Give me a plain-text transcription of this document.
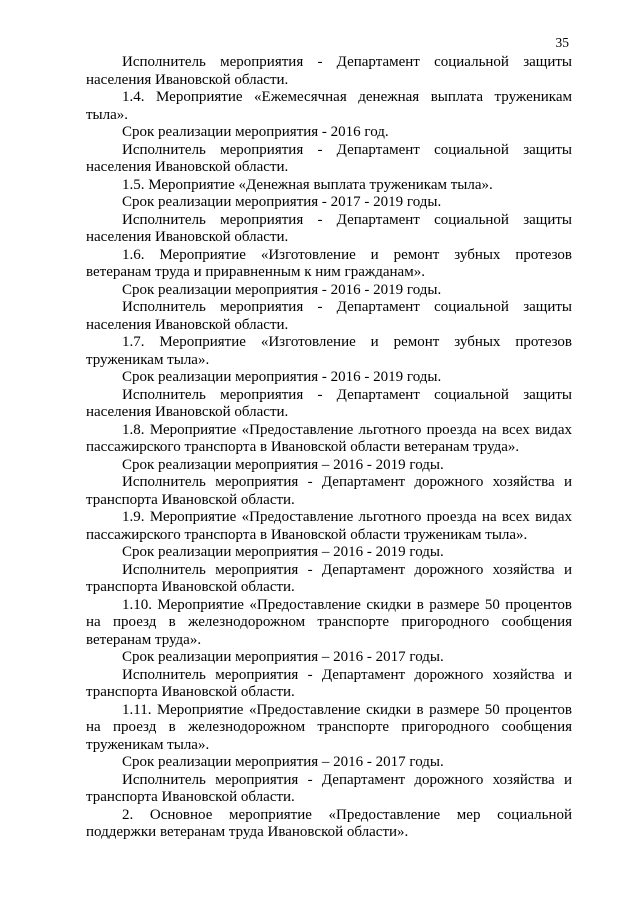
35

Исполнитель мероприятия - Департамент социальной защиты населения Ивановской области.

1.4. Мероприятие «Ежемесячная денежная выплата труженикам тыла».

Срок реализации мероприятия - 2016 год.

Исполнитель мероприятия - Департамент социальной защиты населения Ивановской области.

1.5. Мероприятие «Денежная выплата труженикам тыла».

Срок реализации мероприятия - 2017 - 2019 годы.

Исполнитель мероприятия - Департамент социальной защиты населения Ивановской области.

1.6. Мероприятие «Изготовление и ремонт зубных протезов ветеранам труда и приравненным к ним гражданам».

Срок реализации мероприятия - 2016 - 2019 годы.

Исполнитель мероприятия - Департамент социальной защиты населения Ивановской области.

1.7. Мероприятие «Изготовление и ремонт зубных протезов труженикам тыла».

Срок реализации мероприятия - 2016 - 2019 годы.

Исполнитель мероприятия - Департамент социальной защиты населения Ивановской области.

1.8. Мероприятие «Предоставление льготного проезда на всех видах пассажирского транспорта в Ивановской области ветеранам труда».

Срок реализации мероприятия – 2016 - 2019 годы.

Исполнитель мероприятия - Департамент дорожного хозяйства и транспорта Ивановской области.

1.9. Мероприятие «Предоставление льготного проезда на всех видах пассажирского транспорта в Ивановской области труженикам тыла».

Срок реализации мероприятия – 2016 - 2019 годы.

Исполнитель мероприятия - Департамент дорожного хозяйства и транспорта Ивановской области.

1.10. Мероприятие «Предоставление скидки в размере 50 процентов на проезд в железнодорожном транспорте пригородного сообщения ветеранам труда».

Срок реализации мероприятия – 2016 - 2017 годы.

Исполнитель мероприятия - Департамент дорожного хозяйства и транспорта Ивановской области.

1.11. Мероприятие «Предоставление скидки в размере 50 процентов на проезд в железнодорожном транспорте пригородного сообщения труженикам тыла».

Срок реализации мероприятия – 2016 - 2017 годы.

Исполнитель мероприятия - Департамент дорожного хозяйства и транспорта Ивановской области.

2. Основное мероприятие «Предоставление мер социальной поддержки ветеранам труда Ивановской области».
